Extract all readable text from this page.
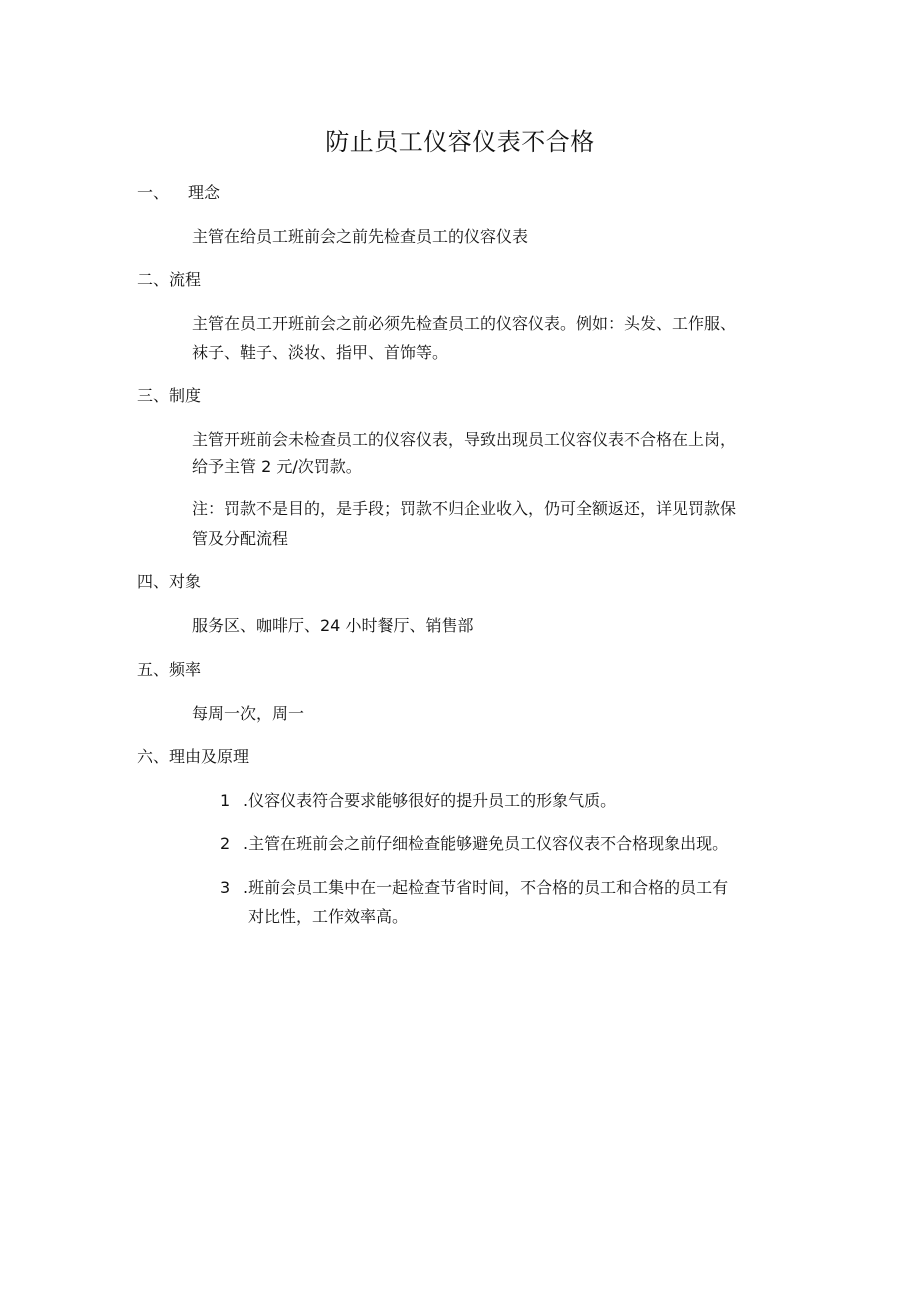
防止员工仪容仪表不合格
一、 理念
主管在给员工班前会之前先检查员工的仪容仪表
二、流程
主管在员工开班前会之前必须先检查员工的仪容仪表。例如：头发、工作服、
袜子、鞋子、淡妆、指甲、首饰等。
三、制度
主管开班前会未检查员工的仪容仪表，导致出现员工仪容仪表不合格在上岗，
给予主管 2 元/次罚款。
注：罚款不是目的，是手段；罚款不归企业收入，仍可全额返还，详见罚款保
管及分配流程
四、对象
服务区、咖啡厅、24 小时餐厅、销售部
五、频率
每周一次，周一
六、理由及原理
1 .仪容仪表符合要求能够很好的提升员工的形象气质。
2 .主管在班前会之前仔细检查能够避免员工仪容仪表不合格现象出现。
3 .班前会员工集中在一起检查节省时间，不合格的员工和合格的员工有
对比性，工作效率高。
